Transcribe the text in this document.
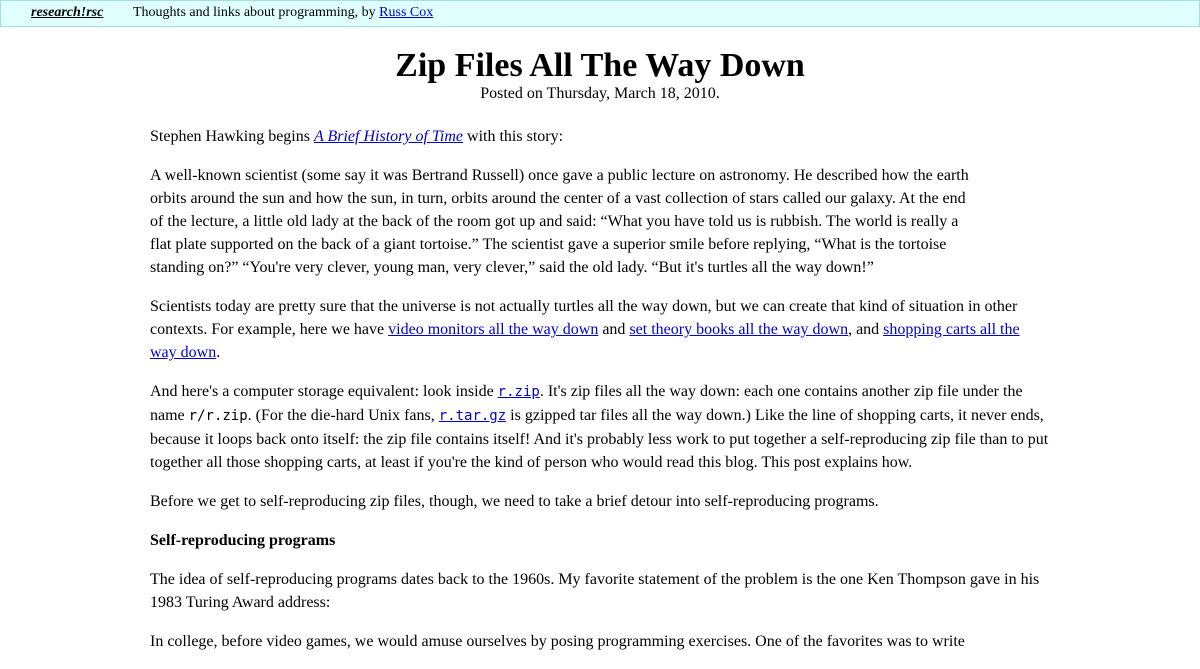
research!rsc Thoughts and links about programming, by Russ Cox
Zip Files All The Way Down
Posted on Thursday, March 18, 2010.

Stephen Hawking begins A Brief History of Time with this story:

A well-known scientist (some say it was Bertrand Russell) once gave a public lecture on astronomy. He described how the earth orbits around the sun and how the sun, in turn, orbits around the center of a vast collection of stars called our galaxy. At the end of the lecture, a little old lady at the back of the room got up and said: “What you have told us is rubbish. The world is really a flat plate supported on the back of a giant tortoise.” The scientist gave a superior smile before replying, “What is the tortoise standing on?” “You're very clever, young man, very clever,” said the old lady. “But it's turtles all the way down!”

Scientists today are pretty sure that the universe is not actually turtles all the way down, but we can create that kind of situation in other contexts. For example, here we have video monitors all the way down and set theory books all the way down, and shopping carts all the way down.

And here's a computer storage equivalent: look inside r.zip. It's zip files all the way down: each one contains another zip file under the name r/r.zip. (For the die-hard Unix fans, r.tar.gz is gzipped tar files all the way down.) Like the line of shopping carts, it never ends, because it loops back onto itself: the zip file contains itself! And it's probably less work to put together a self-reproducing zip file than to put together all those shopping carts, at least if you're the kind of person who would read this blog. This post explains how.

Before we get to self-reproducing zip files, though, we need to take a brief detour into self-reproducing programs.

Self-reproducing programs

The idea of self-reproducing programs dates back to the 1960s. My favorite statement of the problem is the one Ken Thompson gave in his 1983 Turing Award address:

In college, before video games, we would amuse ourselves by posing programming exercises. One of the favorites was to write
